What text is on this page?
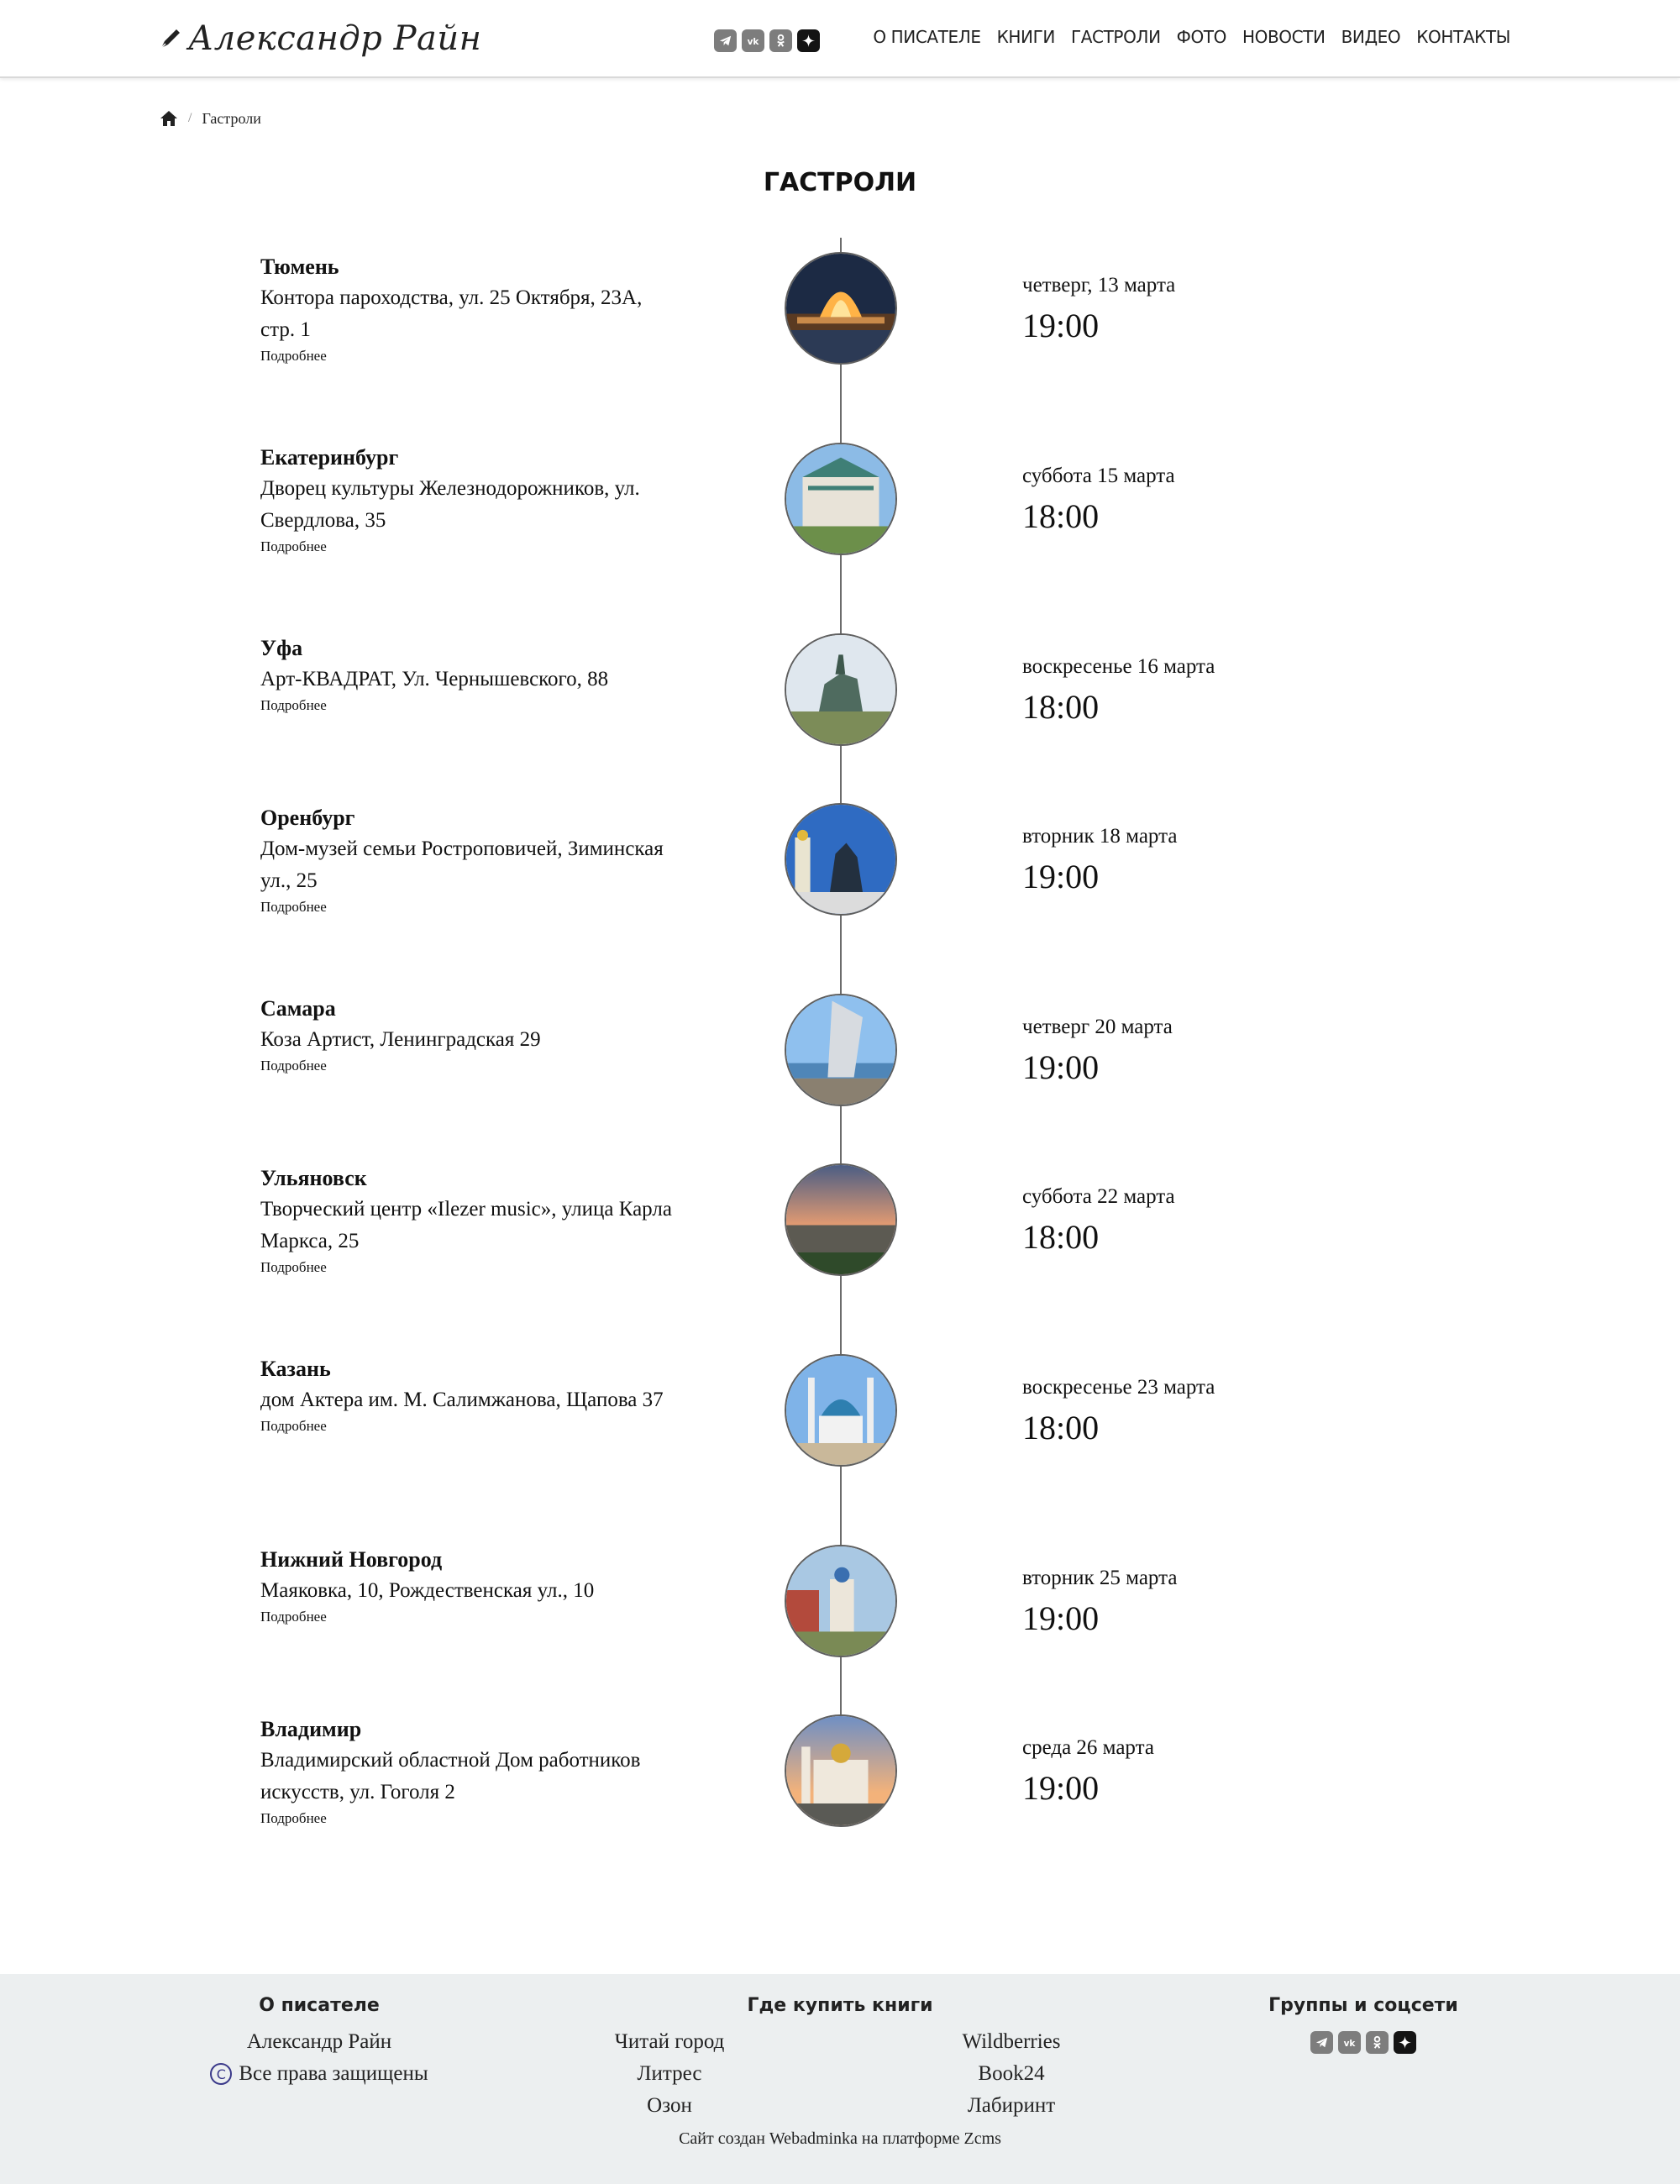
Александр Райн	vk	О ПИСАТЕЛЕ КНИГИ ГАСТРОЛИ ФОТО НОВОСТИ ВИДЕО КОНТАКТЫ
/ Гастроли
ГАСТРОЛИ
Тюмень
Контора пароходства, ул. 25 Октября, 23А, стр. 1
Подробнее
четверг, 13 марта
19:00
Екатеринбург
Дворец культуры Железнодорожников, ул. Свердлова, 35
Подробнее
суббота 15 марта
18:00
Уфа
Арт-КВАДРАТ, Ул. Чернышевского, 88
Подробнее
воскресенье 16 марта
18:00
Оренбург
Дом-музей семьи Ростроповичей, Зиминская ул., 25
Подробнее
вторник 18 марта
19:00
Самара
Коза Артист, Ленинградская 29
Подробнее
четверг 20 марта
19:00
Ульяновск
Творческий центр «Ilezer music», улица Карла Маркса, 25
Подробнее
суббота 22 марта
18:00
Казань
дом Актера им. М. Салимжанова, Щапова 37
Подробнее
воскресенье 23 марта
18:00
Нижний Новгород
Маяковка, 10, Рождественская ул., 10
Подробнее
вторник 25 марта
19:00
Владимир
Владимирский областной Дом работников искусств, ул. Гоголя 2
Подробнее
среда 26 марта
19:00
О писателе
Александр Райн
C Все права защищены
Где купить книги
Читай город
Литрес
Озон
Wildberries
Book24
Лабиринт
Группы и соцсети
vk
Сайт создан Webadminka на платформе Zcms
